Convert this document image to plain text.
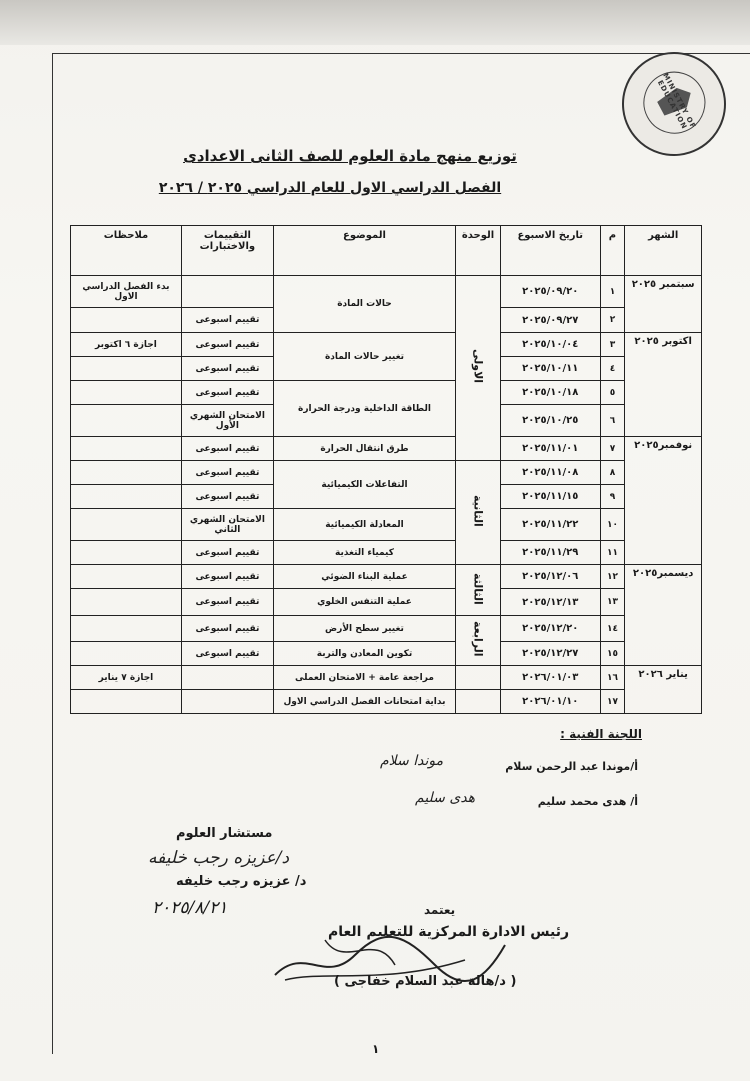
MINISTRY OF EDUCATION
توزيع منهج مادة العلوم للصف الثانى الاعدادى
الفصل الدراسي الاول للعام الدراسي ٢٠٢٥ / ٢٠٢٦
الشهر	م	تاريخ الاسبوع	الوحدة	الموضوع	التقييمات والاختبارات	ملاحظات
سبتمبر ٢٠٢٥	١	٢٠٢٥/٠٩/٢٠	الاولى	حالات المادة		بدء الفصل الدراسي الاول
	٢	٢٠٢٥/٠٩/٢٧			تقييم اسبوعى	
اكتوبر ٢٠٢٥	٣	٢٠٢٥/١٠/٠٤		تغيير حالات المادة	تقييم اسبوعى	اجازة ٦ اكتوبر
	٤	٢٠٢٥/١٠/١١			تقييم اسبوعى	
	٥	٢٠٢٥/١٠/١٨		الطاقة الداخلية ودرجة الحرارة	تقييم اسبوعى	
	٦	٢٠٢٥/١٠/٢٥			الامتحان الشهري الأول	
نوفمبر٢٠٢٥	٧	٢٠٢٥/١١/٠١		طرق انتقال الحرارة	تقييم اسبوعى	
	٨	٢٠٢٥/١١/٠٨	الثانية	التفاعلات الكيميائية	تقييم اسبوعى	
	٩	٢٠٢٥/١١/١٥			تقييم اسبوعى	
	١٠	٢٠٢٥/١١/٢٢		المعادلة الكيميائية	الامتحان الشهري الثاني	
	١١	٢٠٢٥/١١/٢٩		كيمياء التغذية	تقييم اسبوعى	
ديسمبر٢٠٢٥	١٢	٢٠٢٥/١٢/٠٦	الثالثة	عملية البناء الضوئي	تقييم اسبوعى	
	١٣	٢٠٢٥/١٢/١٣		عملية التنفس الخلوي	تقييم اسبوعى	
	١٤	٢٠٢٥/١٢/٢٠	الرابعة	تغيير سطح الأرض	تقييم اسبوعى	
	١٥	٢٠٢٥/١٢/٢٧		تكوين المعادن والتربة	تقييم اسبوعى	
يناير ٢٠٢٦	١٦	٢٠٢٦/٠١/٠٣		مراجعة عامة + الامتحان العملى		اجازة ٧ يناير
	١٧	٢٠٢٦/٠١/١٠		بداية امتحانات الفصل الدراسي الاول		
اللجنة الفنية :
أ/موندا عبد الرحمن سلام
موندا سلام
أ/ هدى محمد سليم
هدى سليم
مستشار العلوم
د/عزيزه رجب خليفه
د/ عزيزه رجب خليفه
٢٠٢٥/٨/٢١	يعتمد
رئيس الادارة المركزية للتعليم العام
( د/هالة عبد السلام خفاجى )
١
